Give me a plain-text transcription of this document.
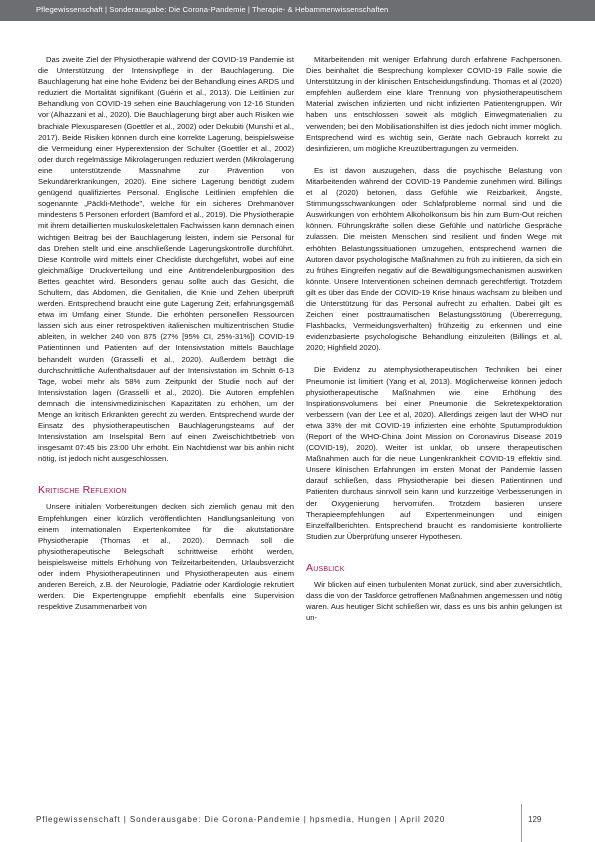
Pflegewissenschaft | Sonderausgabe: Die Corona-Pandemie | Therapie- & Hebammenwissenschaften

Das zweite Ziel der Physiotherapie während der COVID-19 Pandemie ist die Unterstützung der Intensivpflege in der Bauchlagerung. Die Bauchlagerung hat eine hohe Evidenz bei der Behandlung eines ARDS und reduziert die Mortalität signifikant (Guérin et al., 2013). Die Leitlinien zur Behandlung von COVID-19 sehen eine Bauchlagerung von 12-16 Stunden vor (Alhazzani et al., 2020). Die Bauchlagerung birgt aber auch Risiken wie brachiale Plexusparesen (Goettler et al., 2002) oder Dekubiti (Munshi et al., 2017). Beide Risiken können durch eine korrekte Lagerung, beispielsweise die Vermeidung einer Hyperextension der Schulter (Goettler et al., 2002) oder durch regelmässige Mikrolagerungen reduziert werden (Mikrolagerung eine unterstützende Massnahme zur Prävention von Sekundärerkrankungen, 2020). Eine sichere Lagerung benötigt zudem genügend qualifiziertes Personal. Englische Leitlinien empfehlen die sogenannte „Päckli-Methode", welche für ein sicheres Drehmanöver mindestens 5 Personen erfordert (Bamford et al., 2019). Die Physiotherapie mit ihrem detaillierten muskuloskelettalen Fachwissen kann demnach einen wichtigen Beitrag bei der Bauchlagerung leisten, indem sie Personal für das Drehen stellt und eine anschließende Lagerungskontrolle durchführt. Diese Kontrolle wird mittels einer Checkliste durchgeführt, wobei auf eine gleichmäßige Druckverteilung und eine Antitrendelenburgposition des Bettes geachtet wird. Besonders genau sollte auch das Gesicht, die Schultern, das Abdomen, die Genitalien, die Knie und Zehen überprüft werden. Entsprechend braucht eine gute Lagerung Zeit, erfahrungsgemäß etwa im Umfang einer Stunde. Die erhöhten personellen Ressourcen lassen sich aus einer retrospektiven italienischen multizentrischen Studie ableiten, in welcher 240 von 875 (27% [95% CI, 25%-31%]) COVID-19 Patientinnen und Patienten auf der Intensivstation mittels Bauchlage behandelt wurden (Grasselli et al., 2020). Außerdem beträgt die durchschnittliche Aufenthaltsdauer auf der Intensivstation im Schnitt 6-13 Tage, wobei mehr als 58% zum Zeitpunkt der Studie noch auf der Intensivstation lagen (Grasselli et al., 2020). Die Autoren empfehlen demnach die intensivmedizinischen Kapazitäten zu erhöhen, um der Menge an kritisch Erkrankten gerecht zu werden. Entsprechend wurde der Einsatz des physiotherapeutischen Bauchlagerungsteams auf der Intensivstation am Inselspital Bern auf einen Zweischichtbetrieb von insgesamt 07:45 bis 23:00 Uhr erhöht. Ein Nachtdienst war bis anhin nicht nötig, ist jedoch nicht ausgeschlossen.

Kritische Reflexion

Unsere initialen Vorbereitungen decken sich ziemlich genau mit den Empfehlungen einer kürzlich veröffentlichten Handlungsanleitung von einem internationalen Expertenkomitee für die akutstationäre Physiotherapie (Thomas et al., 2020). Demnach soll die physiotherapeutische Belegschaft schrittweise erhöht werden, beispielsweise mittels Erhöhung von Teilzeitarbeitenden, Urlaubsverzicht oder indem Physiotherapeutinnen und Physiotherapeuten aus einem anderen Bereich, z.B. der Neurologie, Pädiatrie oder Kardiologie rekrutiert werden. Die Expertengruppe empfiehlt ebenfalls eine Supervision respektive Zusammenarbeit von

Mitarbeitenden mit weniger Erfahrung durch erfahrene Fachpersonen. Dies beinhaltet die Besprechung komplexer COVID-19 Fälle sowie die Unterstützung in der klinischen Entscheidungsfindung. Thomas et al (2020) empfehlen außerdem eine klare Trennung von physiotherapeutischem Material zwischen infizierten und nicht infizierten Patientengruppen. Wir haben uns entschlossen soweit als möglich Einwegmaterialien zu verwenden; bei den Mobilisationshilfen ist dies jedoch nicht immer möglich. Entsprechend wird es wichtig sein, Geräte nach Gebrauch korrekt zu desinfizieren, um mögliche Kreuzübertragungen zu vermeiden.

Es ist davon auszugehen, dass die psychische Belastung von Mitarbeitenden während der COVID-19 Pandemie zunehmen wird. Billings et al (2020) betonen, dass Gefühle wie Reizbarkeit, Ängste, Stimmungsschwankungen oder Schlafprobleme normal sind und die Auswirkungen von erhöhtem Alkoholkonsum bis hin zum Burn-Out reichen können. Führungskräfte sollen diese Gefühle und natürliche Gespräche zulassen. Die meisten Menschen sind resilient und finden Wege mit erhöhten Belastungssituationen umzugehen, entsprechend warnen die Autoren davor psychologische Maßnahmen zu früh zu initiieren, da sich ein zu frühes Eingreifen negativ auf die Bewältigungsmechanismen auswirken könnte. Unsere Interventionen scheinen demnach gerechtfertigt. Trotzdem gilt es über das Ende der COVID-19 Krise hinaus wachsam zu bleiben und die Unterstützung für das Personal aufrecht zu erhalten. Dabei gilt es Zeichen einer posttraumatischen Belastungsstörung (Übererregung, Flashbacks, Vermeidungsverhalten) frühzeitig zu erkennen und eine evidenzbasierte psychologische Behandlung einzuleiten (Billings et al, 2020; Highfield 2020).

Die Evidenz zu atemphysiotherapeutischen Techniken bei einer Pneumonie ist limitiert (Yang et al, 2013). Möglicherweise können jedoch physiotherapeutische Maßnahmen wie eine Erhöhung des Inspirationsvolumens bei einer Pneumonie die Sekretexpektoration verbessern (van der Lee et al, 2020). Allerdings zeigen laut der WHO nur etwa 33% der mit COVID-19 infizierten eine erhöhte Sputumproduktion (Report of the WHO-China Joint Mission on Coronavirus Disease 2019 (COVID-19), 2020). Weiter ist unklar, ob unsere therapeutischen Maßnahmen auch für die neue Lungenkrankheit COVID-19 effektiv sind. Unsere klinischen Erfahrungen im ersten Monat der Pandemie lassen darauf schließen, dass Physiotherapie bei diesen Patientinnen und Patienten durchaus sinnvoll sein kann und kurzzeitige Verbesserungen in der Oxygenierung hervorrufen. Trotzdem basieren unsere Therapieempfehlungen auf Expertenmeinungen und einigen Einzelfallberichten. Entsprechend braucht es randomisierte kontrollierte Studien zur Überprüfung unserer Hypothesen.

Ausblick

Wir blicken auf einen turbulenten Monat zurück, sind aber zuversichtlich, dass die von der Taskforce getroffenen Maßnahmen angemessen und nötig waren. Aus heutiger Sicht schließen wir, dass es uns bis anhin gelungen ist un-

Pflegewissenschaft | Sonderausgabe: Die Corona-Pandemie | hpsmedia, Hungen | April 2020	129
